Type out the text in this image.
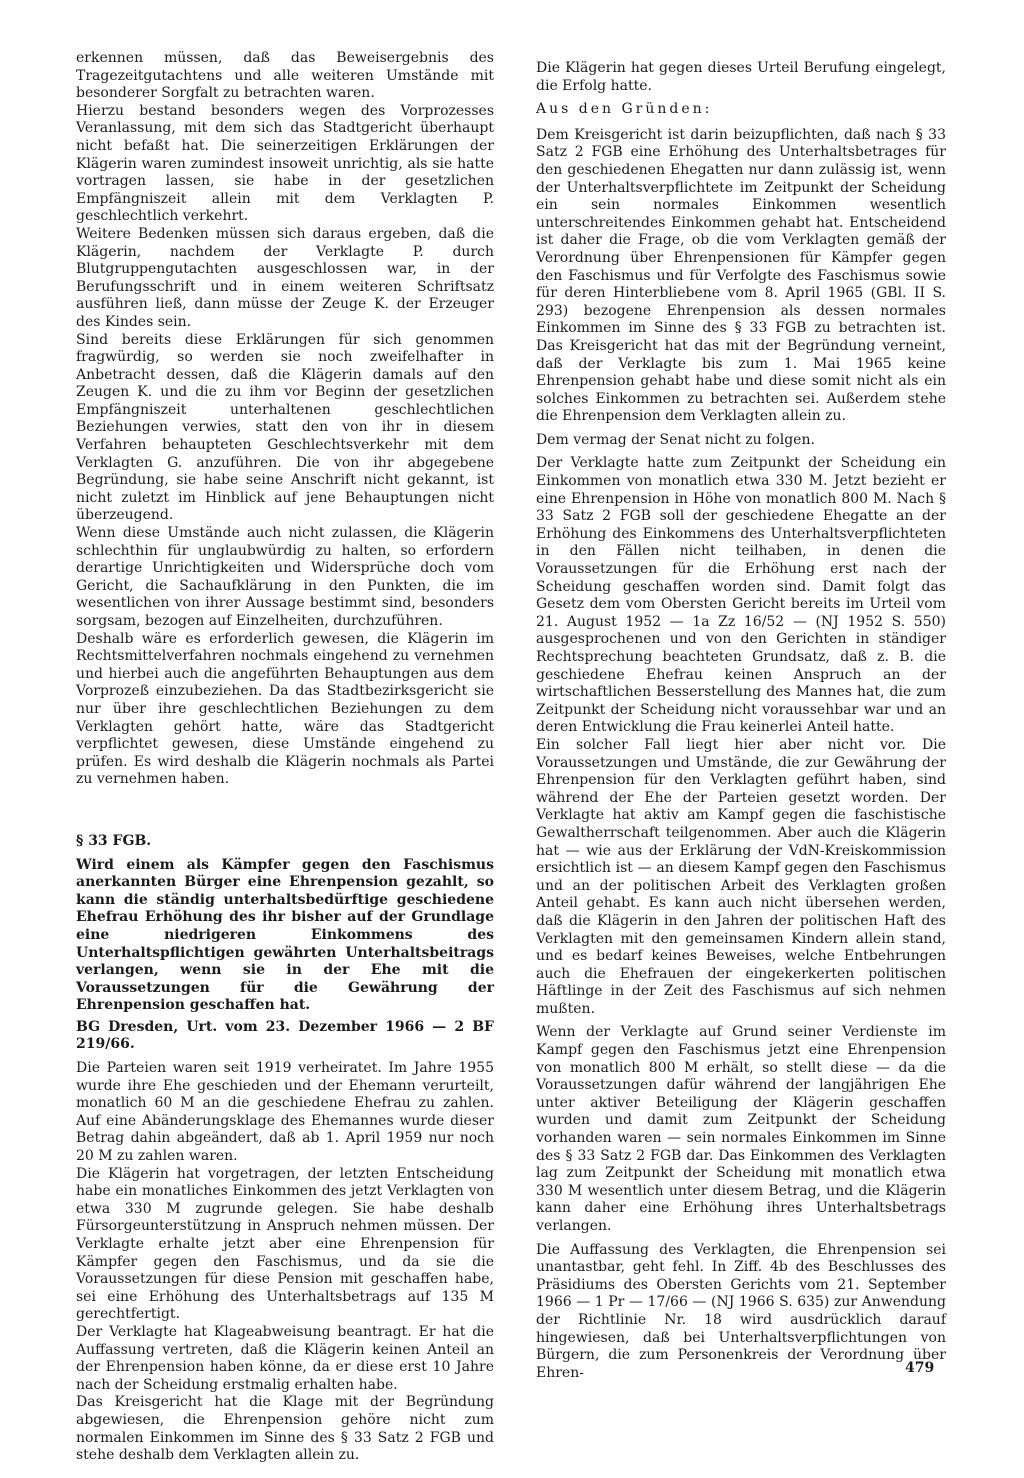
erkennen müssen, daß das Beweisergebnis des Tragezeitgutachtens und alle weiteren Umstände mit besonderer Sorgfalt zu betrachten waren.

Hierzu bestand besonders wegen des Vorprozesses Veranlassung, mit dem sich das Stadtgericht überhaupt nicht befaßt hat. Die seinerzeitigen Erklärungen der Klägerin waren zumindest insoweit unrichtig, als sie hatte vortragen lassen, sie habe in der gesetzlichen Empfängniszeit allein mit dem Verklagten P. geschlechtlich verkehrt.

Weitere Bedenken müssen sich daraus ergeben, daß die Klägerin, nachdem der Verklagte P. durch Blutgruppengutachten ausgeschlossen war, in der Berufungsschrift und in einem weiteren Schriftsatz ausführen ließ, dann müsse der Zeuge K. der Erzeuger des Kindes sein.

Sind bereits diese Erklärungen für sich genommen fragwürdig, so werden sie noch zweifelhafter in Anbetracht dessen, daß die Klägerin damals auf den Zeugen K. und die zu ihm vor Beginn der gesetzlichen Empfängniszeit unterhaltenen geschlechtlichen Beziehungen verwies, statt den von ihr in diesem Verfahren behaupteten Geschlechtsverkehr mit dem Verklagten G. anzuführen. Die von ihr abgegebene Begründung, sie habe seine Anschrift nicht gekannt, ist nicht zuletzt im Hinblick auf jene Behauptungen nicht überzeugend.

Wenn diese Umstände auch nicht zulassen, die Klägerin schlechthin für unglaubwürdig zu halten, so erfordern derartige Unrichtigkeiten und Widersprüche doch vom Gericht, die Sachaufklärung in den Punkten, die im wesentlichen von ihrer Aussage bestimmt sind, besonders sorgsam, bezogen auf Einzelheiten, durchzuführen.

Deshalb wäre es erforderlich gewesen, die Klägerin im Rechtsmittelverfahren nochmals eingehend zu vernehmen und hierbei auch die angeführten Behauptungen aus dem Vorprozeß einzubeziehen. Da das Stadtbezirksgericht sie nur über ihre geschlechtlichen Beziehungen zu dem Verklagten gehört hatte, wäre das Stadtgericht verpflichtet gewesen, diese Umstände eingehend zu prüfen. Es wird deshalb die Klägerin nochmals als Partei zu vernehmen haben.

§ 33 FGB.

Wird einem als Kämpfer gegen den Faschismus anerkannten Bürger eine Ehrenpension gezahlt, so kann die ständig unterhaltsbedürftige geschiedene Ehefrau Erhöhung des ihr bisher auf der Grundlage eine niedrigeren Einkommens des Unterhaltspflichtigen gewährten Unterhaltsbeitrags verlangen, wenn sie in der Ehe mit die Voraussetzungen für die Gewährung der Ehrenpension geschaffen hat.

BG Dresden, Urt. vom 23. Dezember 1966 — 2 BF 219/66.

Die Parteien waren seit 1919 verheiratet. Im Jahre 1955 wurde ihre Ehe geschieden und der Ehemann verurteilt, monatlich 60 M an die geschiedene Ehefrau zu zahlen. Auf eine Abänderungsklage des Ehemannes wurde dieser Betrag dahin abgeändert, daß ab 1. April 1959 nur noch 20 M zu zahlen waren.

Die Klägerin hat vorgetragen, der letzten Entscheidung habe ein monatliches Einkommen des jetzt Verklagten von etwa 330 M zugrunde gelegen. Sie habe deshalb Fürsorgeunterstützung in Anspruch nehmen müssen. Der Verklagte erhalte jetzt aber eine Ehrenpension für Kämpfer gegen den Faschismus, und da sie die Voraussetzungen für diese Pension mit geschaffen habe, sei eine Erhöhung des Unterhaltsbetrags auf 135 M gerechtfertigt.

Der Verklagte hat Klageabweisung beantragt. Er hat die Auffassung vertreten, daß die Klägerin keinen Anteil an der Ehrenpension haben könne, da er diese erst 10 Jahre nach der Scheidung erstmalig erhalten habe.

Das Kreisgericht hat die Klage mit der Begründung abgewiesen, die Ehrenpension gehöre nicht zum normalen Einkommen im Sinne des § 33 Satz 2 FGB und stehe deshalb dem Verklagten allein zu.

Die Klägerin hat gegen dieses Urteil Berufung eingelegt, die Erfolg hatte.

Aus den Gründen:

Dem Kreisgericht ist darin beizupflichten, daß nach § 33 Satz 2 FGB eine Erhöhung des Unterhaltsbetrages für den geschiedenen Ehegatten nur dann zulässig ist, wenn der Unterhaltsverpflichtete im Zeitpunkt der Scheidung ein sein normales Einkommen wesentlich unterschreitendes Einkommen gehabt hat. Entscheidend ist daher die Frage, ob die vom Verklagten gemäß der Verordnung über Ehrenpensionen für Kämpfer gegen den Faschismus und für Verfolgte des Faschismus sowie für deren Hinterbliebene vom 8. April 1965 (GBl. II S. 293) bezogene Ehrenpension als dessen normales Einkommen im Sinne des § 33 FGB zu betrachten ist. Das Kreisgericht hat das mit der Begründung verneint, daß der Verklagte bis zum 1. Mai 1965 keine Ehrenpension gehabt habe und diese somit nicht als ein solches Einkommen zu betrachten sei. Außerdem stehe die Ehrenpension dem Verklagten allein zu.

Dem vermag der Senat nicht zu folgen.

Der Verklagte hatte zum Zeitpunkt der Scheidung ein Einkommen von monatlich etwa 330 M. Jetzt bezieht er eine Ehrenpension in Höhe von monatlich 800 M. Nach § 33 Satz 2 FGB soll der geschiedene Ehegatte an der Erhöhung des Einkommens des Unterhaltsverpflichteten in den Fällen nicht teilhaben, in denen die Voraussetzungen für die Erhöhung erst nach der Scheidung geschaffen worden sind. Damit folgt das Gesetz dem vom Obersten Gericht bereits im Urteil vom 21. August 1952 — 1a Zz 16/52 — (NJ 1952 S. 550) ausgesprochenen und von den Gerichten in ständiger Rechtsprechung beachteten Grundsatz, daß z. B. die geschiedene Ehefrau keinen Anspruch an der wirtschaftlichen Besserstellung des Mannes hat, die zum Zeitpunkt der Scheidung nicht voraussehbar war und an deren Entwicklung die Frau keinerlei Anteil hatte.

Ein solcher Fall liegt hier aber nicht vor. Die Voraussetzungen und Umstände, die zur Gewährung der Ehrenpension für den Verklagten geführt haben, sind während der Ehe der Parteien gesetzt worden. Der Verklagte hat aktiv am Kampf gegen die faschistische Gewaltherrschaft teilgenommen. Aber auch die Klägerin hat — wie aus der Erklärung der VdN-Kreiskommission ersichtlich ist — an diesem Kampf gegen den Faschismus und an der politischen Arbeit des Verklagten großen Anteil gehabt. Es kann auch nicht übersehen werden, daß die Klägerin in den Jahren der politischen Haft des Verklagten mit den gemeinsamen Kindern allein stand, und es bedarf keines Beweises, welche Entbehrungen auch die Ehefrauen der eingekerkerten politischen Häftlinge in der Zeit des Faschismus auf sich nehmen mußten.

Wenn der Verklagte auf Grund seiner Verdienste im Kampf gegen den Faschismus jetzt eine Ehrenpension von monatlich 800 M erhält, so stellt diese — da die Voraussetzungen dafür während der langjährigen Ehe unter aktiver Beteiligung der Klägerin geschaffen wurden und damit zum Zeitpunkt der Scheidung vorhanden waren — sein normales Einkommen im Sinne des § 33 Satz 2 FGB dar. Das Einkommen des Verklagten lag zum Zeitpunkt der Scheidung mit monatlich etwa 330 M wesentlich unter diesem Betrag, und die Klägerin kann daher eine Erhöhung ihres Unterhaltsbetrags verlangen.

Die Auffassung des Verklagten, die Ehrenpension sei unantastbar, geht fehl. In Ziff. 4b des Beschlusses des Präsidiums des Obersten Gerichts vom 21. September 1966 — 1 Pr — 17/66 — (NJ 1966 S. 635) zur Anwendung der Richtlinie Nr. 18 wird ausdrücklich darauf hingewiesen, daß bei Unterhaltsverpflichtungen von Bürgern, die zum Personenkreis der Verordnung über Ehren-	479
